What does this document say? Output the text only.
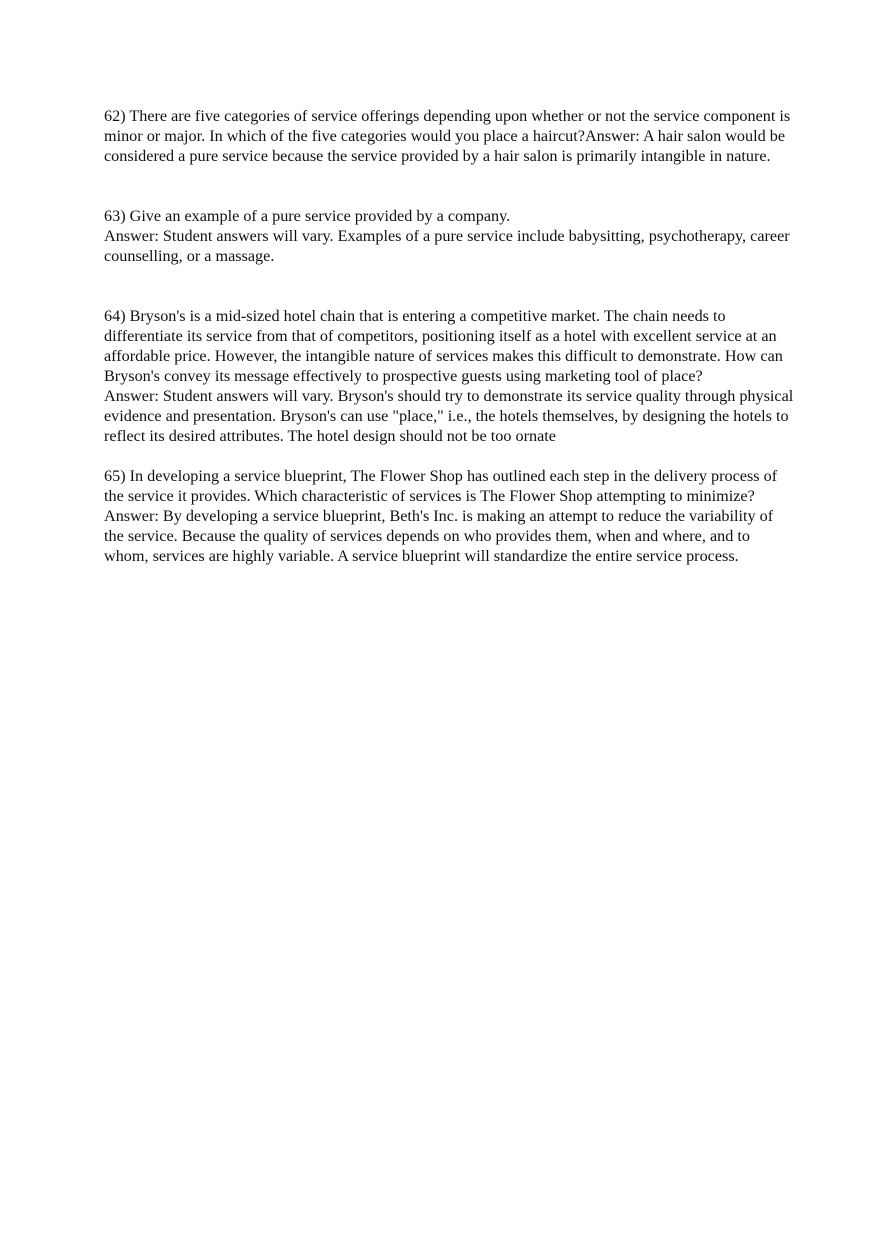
62) There are five categories of service offerings depending upon whether or not the service component is minor or major. In which of the five categories would you place a haircut?Answer: A hair salon would be considered a pure service because the service provided by a hair salon is primarily intangible in nature.

63) Give an example of a pure service provided by a company.

Answer: Student answers will vary. Examples of a pure service include babysitting, psychotherapy, career counselling, or a massage.

64) Bryson's is a mid-sized hotel chain that is entering a competitive market. The chain needs to differentiate its service from that of competitors, positioning itself as a hotel with excellent service at an affordable price. However, the intangible nature of services makes this difficult to demonstrate. How can Bryson's convey its message effectively to prospective guests using marketing tool of place?

Answer: Student answers will vary. Bryson's should try to demonstrate its service quality through physical evidence and presentation. Bryson's can use "place," i.e., the hotels themselves, by designing the hotels to reflect its desired attributes. The hotel design should not be too ornate

65) In developing a service blueprint, The Flower Shop has outlined each step in the delivery process of the service it provides. Which characteristic of services is The Flower Shop attempting to minimize?

Answer: By developing a service blueprint, Beth's Inc. is making an attempt to reduce the variability of the service. Because the quality of services depends on who provides them, when and where, and to whom, services are highly variable. A service blueprint will standardize the entire service process.
